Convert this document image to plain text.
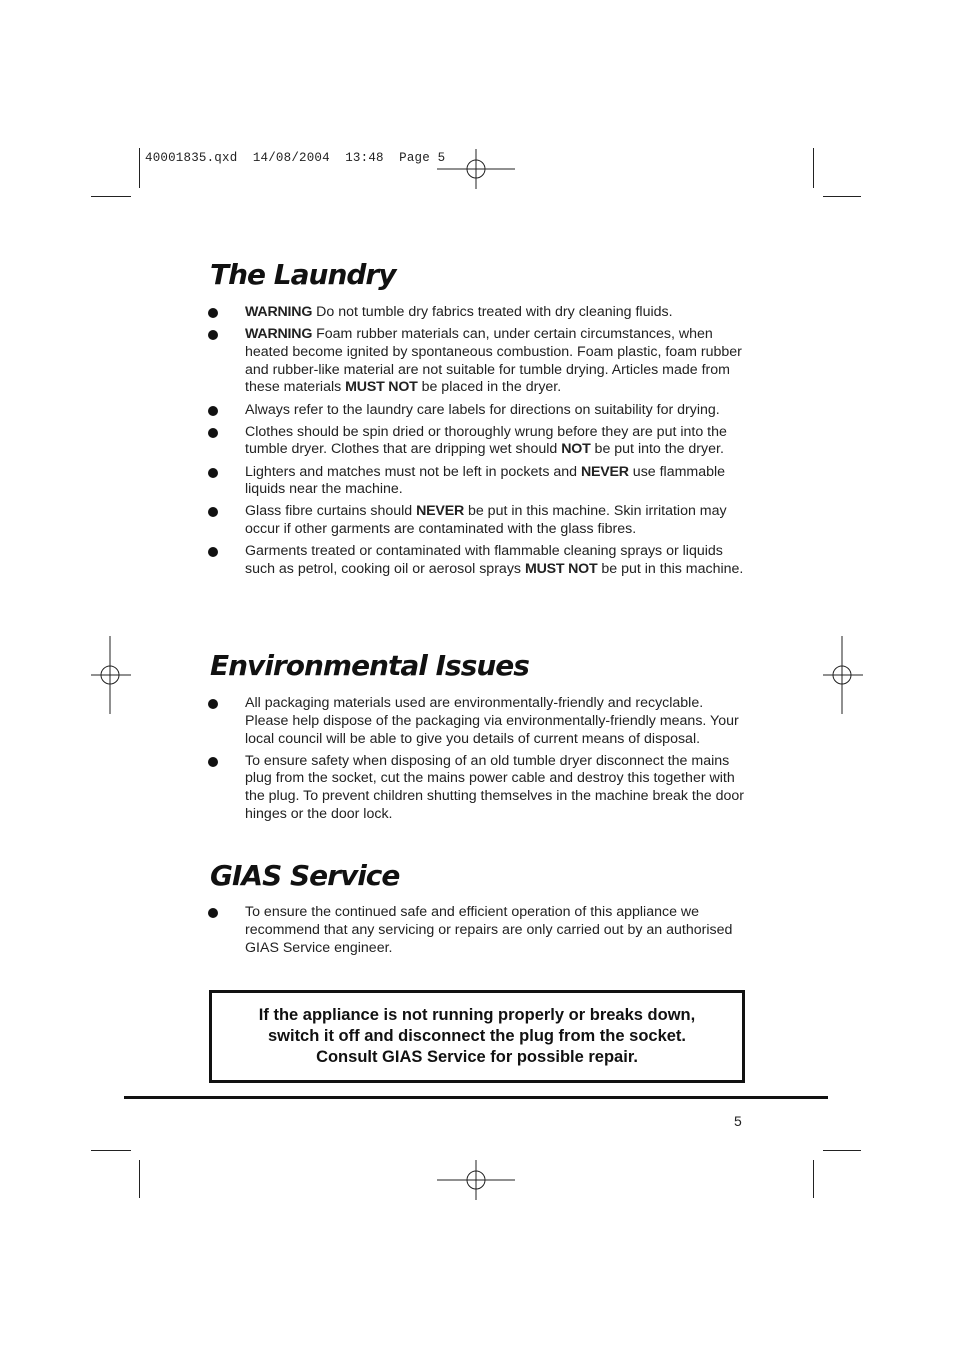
40001835.qxd  14/08/2004  13:48  Page 5
The Laundry
WARNING Do not tumble dry fabrics treated with dry cleaning fluids.
WARNING Foam rubber materials can, under certain circumstances, when heated become ignited by spontaneous combustion. Foam plastic, foam rubber and rubber-like material are not suitable for tumble drying. Articles made from these materials MUST NOT be placed in the dryer.
Always refer to the laundry care labels for directions on suitability for drying.
Clothes should be spin dried or thoroughly wrung before they are put into the tumble dryer. Clothes that are dripping wet should NOT be put into the dryer.
Lighters and matches must not be left in pockets and NEVER use flammable liquids near the machine.
Glass fibre curtains should NEVER be put in this machine. Skin irritation may occur if other garments are contaminated with the glass fibres.
Garments treated or contaminated with flammable cleaning sprays or liquids such as petrol, cooking oil or aerosol sprays MUST NOT be put in this machine.
Environmental Issues
All packaging materials used are environmentally-friendly and recyclable. Please help dispose of the packaging via environmentally-friendly means. Your local council will be able to give you details of current means of disposal.
To ensure safety when disposing of an old tumble dryer disconnect the mains plug from the socket, cut the mains power cable and destroy this together with the plug. To prevent children shutting themselves in the machine break the door hinges or the door lock.
GIAS Service
To ensure the continued safe and efficient operation of this appliance we recommend that any servicing or repairs are only carried out by an authorised GIAS Service engineer.
If the appliance is not running properly or breaks down,
switch it off and disconnect the plug from the socket.
Consult GIAS Service for possible repair.
5
